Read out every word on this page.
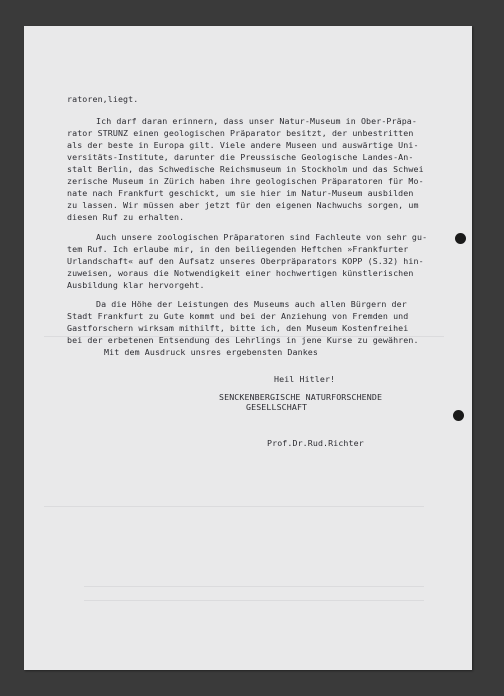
ratoren,liegt.
Ich darf daran erinnern, dass unser Natur-Museum in Ober-Präpa-
rator STRUNZ einen geologischen Präparator besitzt, der unbestritten
als der beste in Europa gilt. Viele andere Museen und auswärtige Uni-
versitäts-Institute, darunter die Preussische Geologische Landes-An-
stalt Berlin, das Schwedische Reichsmuseum in Stockholm und das Schwei
zerische Museum in Zürich haben ihre geologischen Präparatoren für Mo-
nate nach Frankfurt geschickt, um sie hier im Natur-Museum ausbilden
zu lassen. Wir müssen aber jetzt für den eigenen Nachwuchs sorgen, um
diesen Ruf zu erhalten.
Auch unsere zoologischen Präparatoren sind Fachleute von sehr gu-
tem Ruf. Ich erlaube mir, in den beiliegenden Heftchen »Frankfurter
Urlandschaft« auf den Aufsatz unseres Oberpräparators KOPP (S.32) hin-
zuweisen, woraus die Notwendigkeit einer hochwertigen künstlerischen
Ausbildung klar hervorgeht.
Da die Höhe der Leistungen des Museums auch allen Bürgern der
Stadt Frankfurt zu Gute kommt und bei der Anziehung von Fremden und
Gastforschern wirksam mithilft, bitte ich, den Museum Kostenfreihei
bei der erbetenen Entsendung des Lehrlings in jene Kurse zu gewähren.
Mit dem Ausdruck unsres ergebensten Dankes
Heil Hitler!
SENCKENBERGISCHE NATURFORSCHENDE
GESELLSCHAFT
Prof.Dr.Rud.Richter
